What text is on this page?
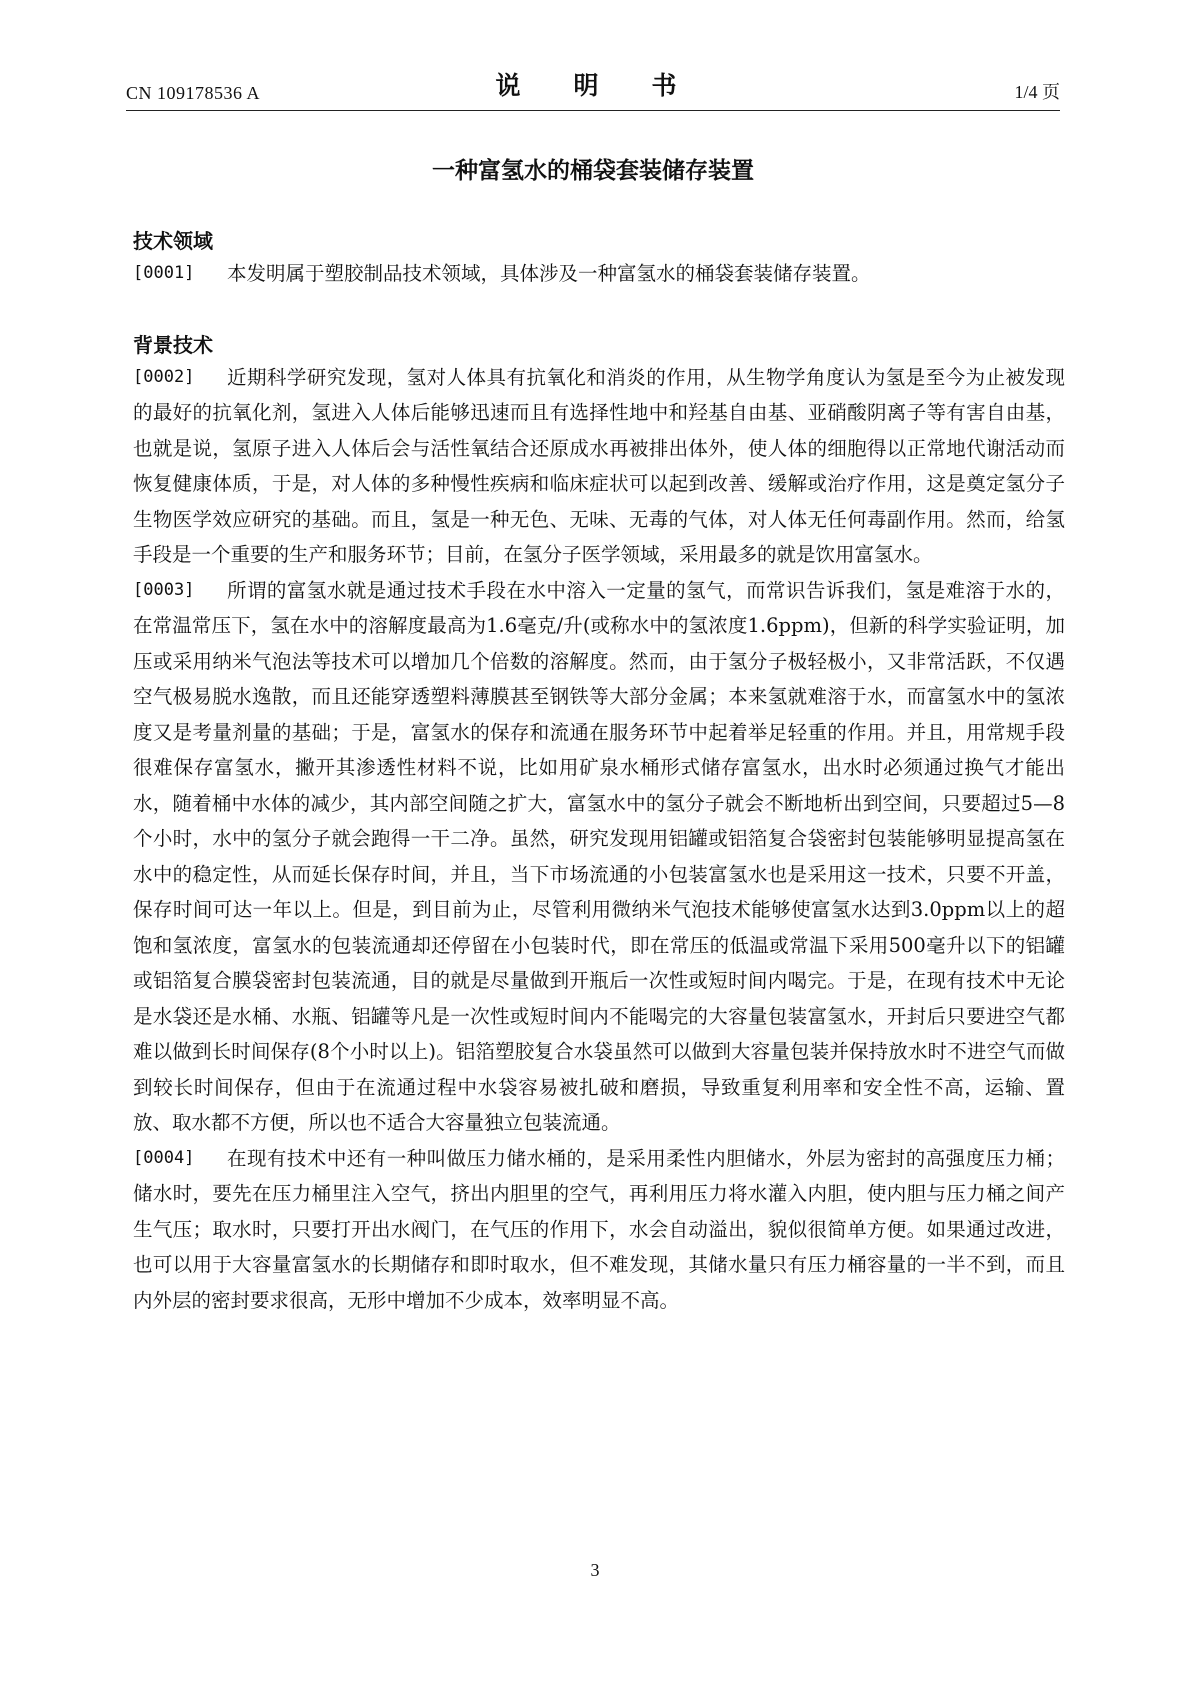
CN 109178536 A	说　明　书	1/4 页
一种富氢水的桶袋套装储存装置
技术领域

[0001] 本发明属于塑胶制品技术领域，具体涉及一种富氢水的桶袋套装储存装置。

背景技术

[0002] 近期科学研究发现，氢对人体具有抗氧化和消炎的作用，从生物学角度认为氢是至今为止被发现的最好的抗氧化剂，氢进入人体后能够迅速而且有选择性地中和羟基自由基、亚硝酸阴离子等有害自由基，也就是说，氢原子进入人体后会与活性氧结合还原成水再被排出体外，使人体的细胞得以正常地代谢活动而恢复健康体质，于是，对人体的多种慢性疾病和临床症状可以起到改善、缓解或治疗作用，这是奠定氢分子生物医学效应研究的基础。而且，氢是一种无色、无味、无毒的气体，对人体无任何毒副作用。然而，给氢手段是一个重要的生产和服务环节；目前，在氢分子医学领域，采用最多的就是饮用富氢水。

[0003] 所谓的富氢水就是通过技术手段在水中溶入一定量的氢气，而常识告诉我们，氢是难溶于水的，在常温常压下，氢在水中的溶解度最高为1.6毫克/升(或称水中的氢浓度1.6ppm)，但新的科学实验证明，加压或采用纳米气泡法等技术可以增加几个倍数的溶解度。然而，由于氢分子极轻极小，又非常活跃，不仅遇空气极易脱水逸散，而且还能穿透塑料薄膜甚至钢铁等大部分金属；本来氢就难溶于水，而富氢水中的氢浓度又是考量剂量的基础；于是，富氢水的保存和流通在服务环节中起着举足轻重的作用。并且，用常规手段很难保存富氢水，撇开其渗透性材料不说，比如用矿泉水桶形式储存富氢水，出水时必须通过换气才能出水，随着桶中水体的减少，其内部空间随之扩大，富氢水中的氢分子就会不断地析出到空间，只要超过5—8个小时，水中的氢分子就会跑得一干二净。虽然，研究发现用铝罐或铝箔复合袋密封包装能够明显提高氢在水中的稳定性，从而延长保存时间，并且，当下市场流通的小包装富氢水也是采用这一技术，只要不开盖，保存时间可达一年以上。但是，到目前为止，尽管利用微纳米气泡技术能够使富氢水达到3.0ppm以上的超饱和氢浓度，富氢水的包装流通却还停留在小包装时代，即在常压的低温或常温下采用500毫升以下的铝罐或铝箔复合膜袋密封包装流通，目的就是尽量做到开瓶后一次性或短时间内喝完。于是，在现有技术中无论是水袋还是水桶、水瓶、铝罐等凡是一次性或短时间内不能喝完的大容量包装富氢水，开封后只要进空气都难以做到长时间保存(8个小时以上)。铝箔塑胶复合水袋虽然可以做到大容量包装并保持放水时不进空气而做到较长时间保存，但由于在流通过程中水袋容易被扎破和磨损，导致重复利用率和安全性不高，运输、置放、取水都不方便，所以也不适合大容量独立包装流通。

[0004] 在现有技术中还有一种叫做压力储水桶的，是采用柔性内胆储水，外层为密封的高强度压力桶；储水时，要先在压力桶里注入空气，挤出内胆里的空气，再利用压力将水灌入内胆，使内胆与压力桶之间产生气压；取水时，只要打开出水阀门，在气压的作用下，水会自动溢出，貌似很简单方便。如果通过改进，也可以用于大容量富氢水的长期储存和即时取水，但不难发现，其储水量只有压力桶容量的一半不到，而且内外层的密封要求很高，无形中增加不少成本，效率明显不高。

3
